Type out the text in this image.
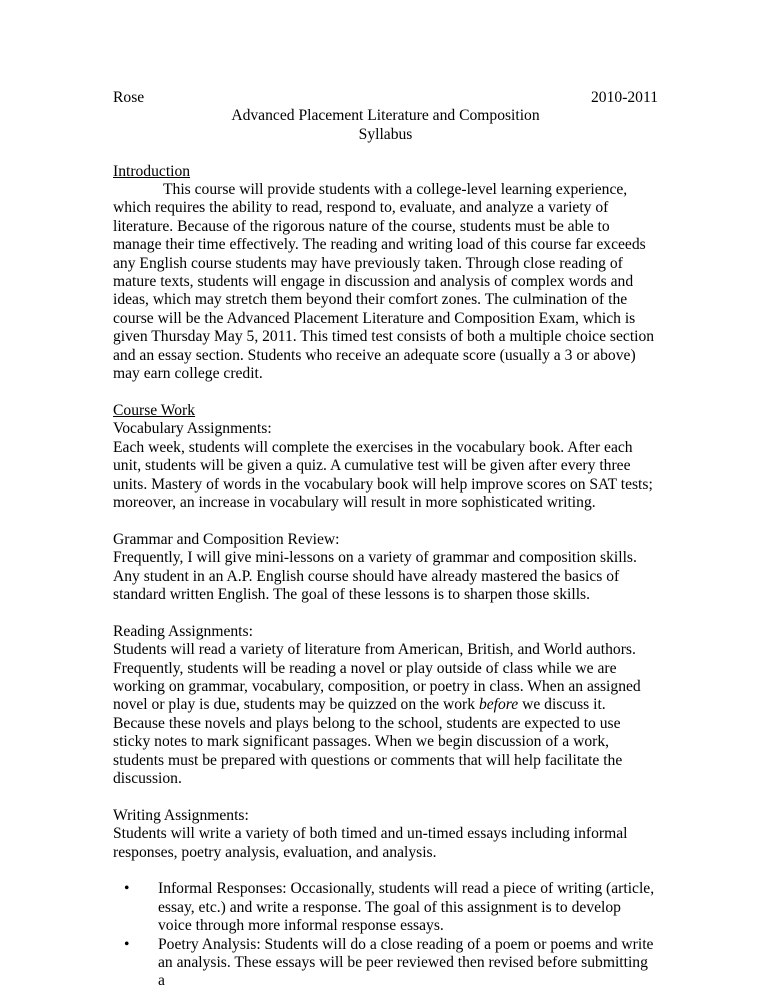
Rose	2010-2011
Advanced Placement Literature and Composition
Syllabus
Introduction

This course will provide students with a college-level learning experience, which requires the ability to read, respond to, evaluate, and analyze a variety of literature. Because of the rigorous nature of the course, students must be able to manage their time effectively. The reading and writing load of this course far exceeds any English course students may have previously taken. Through close reading of mature texts, students will engage in discussion and analysis of complex words and ideas, which may stretch them beyond their comfort zones. The culmination of the course will be the Advanced Placement Literature and Composition Exam, which is given Thursday May 5, 2011. This timed test consists of both a multiple choice section and an essay section. Students who receive an adequate score (usually a 3 or above) may earn college credit.

Course Work
Vocabulary Assignments:

Each week, students will complete the exercises in the vocabulary book. After each unit, students will be given a quiz. A cumulative test will be given after every three units. Mastery of words in the vocabulary book will help improve scores on SAT tests; moreover, an increase in vocabulary will result in more sophisticated writing.

Grammar and Composition Review:

Frequently, I will give mini-lessons on a variety of grammar and composition skills. Any student in an A.P. English course should have already mastered the basics of standard written English. The goal of these lessons is to sharpen those skills.

Reading Assignments:

Students will read a variety of literature from American, British, and World authors. Frequently, students will be reading a novel or play outside of class while we are working on grammar, vocabulary, composition, or poetry in class. When an assigned novel or play is due, students may be quizzed on the work before we discuss it. Because these novels and plays belong to the school, students are expected to use sticky notes to mark significant passages. When we begin discussion of a work, students must be prepared with questions or comments that will help facilitate the discussion.

Writing Assignments:

Students will write a variety of both timed and un-timed essays including informal responses, poetry analysis, evaluation, and analysis.

• Informal Responses: Occasionally, students will read a piece of writing (article, essay, etc.) and write a response. The goal of this assignment is to develop voice through more informal response essays.
• Poetry Analysis: Students will do a close reading of a poem or poems and write an analysis. These essays will be peer reviewed then revised before submitting a
